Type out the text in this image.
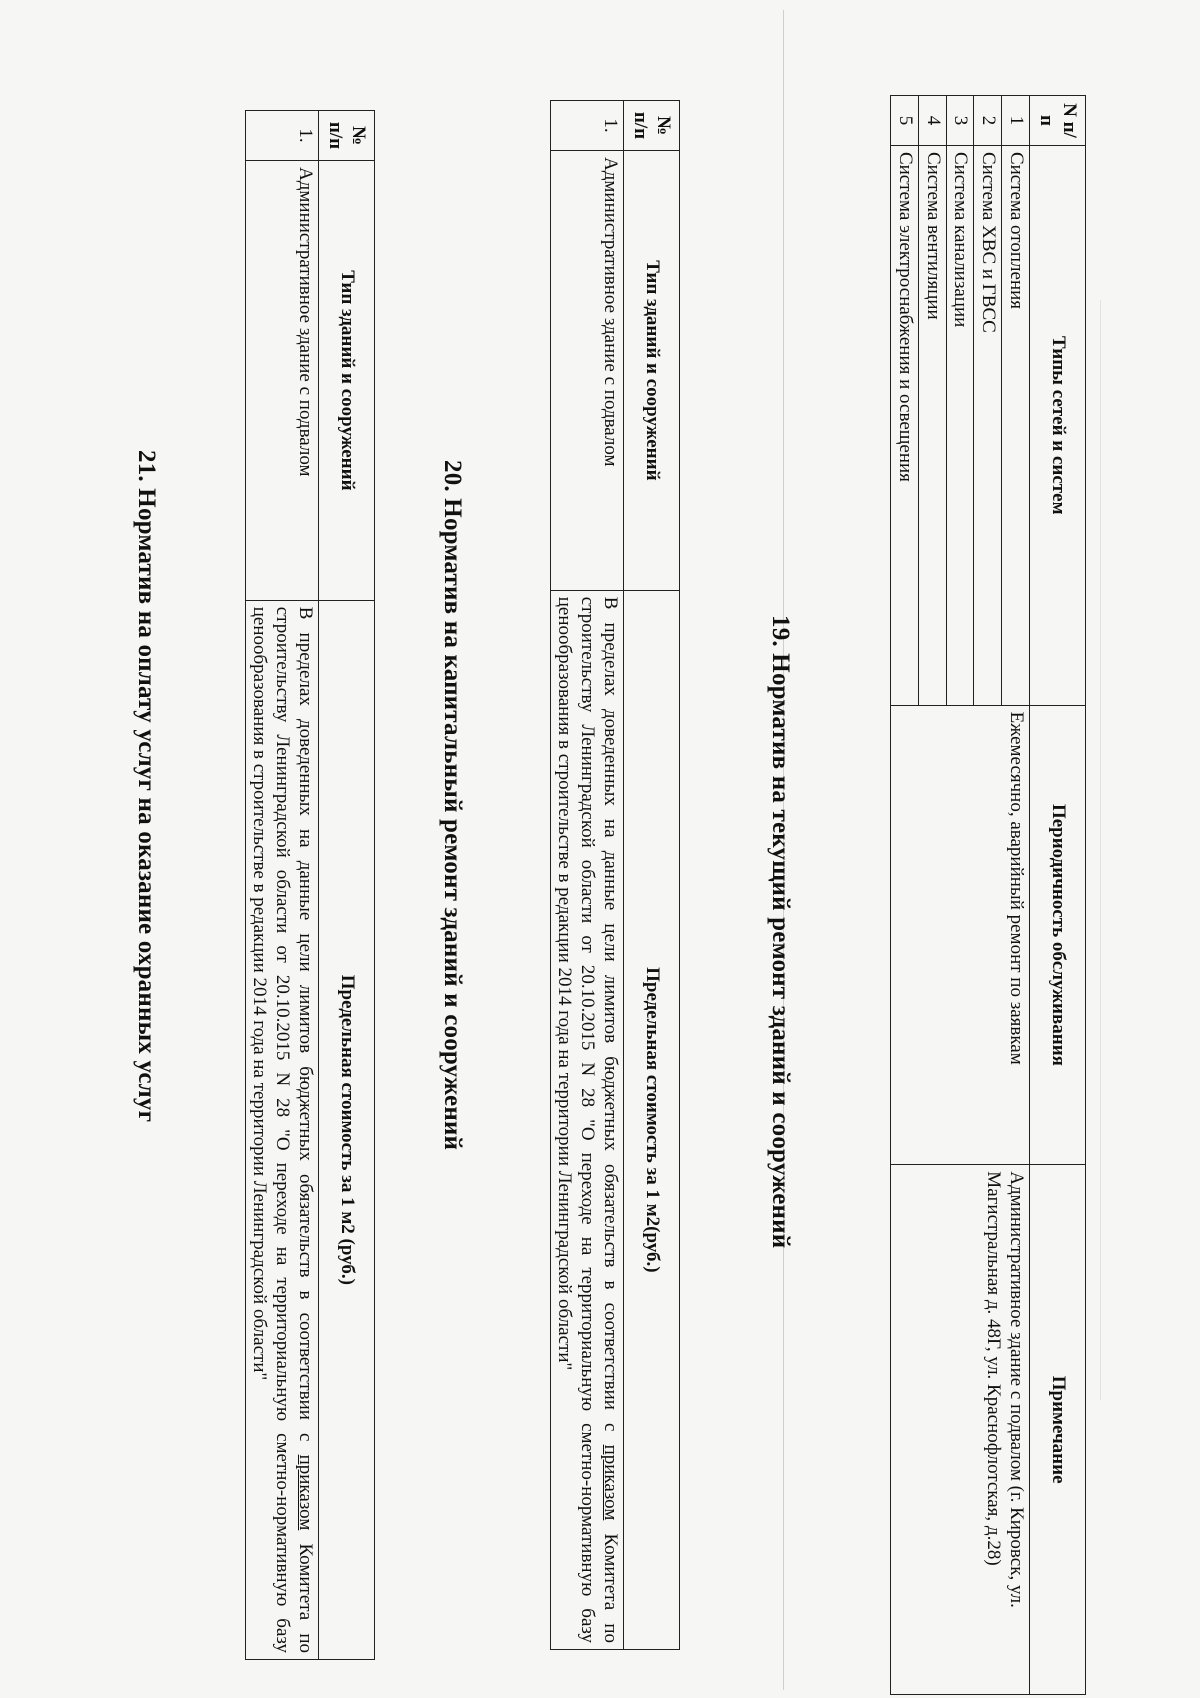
N п/п	Типы сетей и систем	Периодичность обслуживания	Примечание
1	Система отопления	Ежемесячно, аварийный ремонт по заявкам	Административное здание с подвалом (г. Кировск, ул. Магистральная д. 48Г, ул. Краснофлотская, д.28)
2	Система ХВС и ГВСС		
3	Система канализации		
4	Система вентиляции		
5	Система электроснабжения и освещения		
19. Норматив на текущий ремонт зданий и сооружений
№ п/п	Тип зданий и сооружений	Предельная стоимость за 1 м2(руб.)
1.	Административное здание с подвалом	В пределах доведенных на данные цели лимитов бюджетных обязательств в соответствии с приказом Комитета по строительству Ленинградской области от 20.10.2015 N 28 "О переходе на территориальную сметно-нормативную базу ценообразования в строительстве в редакции 2014 года на территории Ленинградской области"
20. Норматив на капитальный ремонт зданий и сооружений
№ п/п	Тип зданий и сооружений	Предельная стоимость за 1 м2 (руб.)
1.	Административное здание с подвалом	В пределах доведенных на данные цели лимитов бюджетных обязательств в соответствии с приказом Комитета по строительству Ленинградской области от 20.10.2015 N 28 "О переходе на территориальную сметно-нормативную базу ценообразования в строительстве в редакции 2014 года на территории Ленинградской области"
21. Норматив на оплату услуг на оказание охранных услуг
